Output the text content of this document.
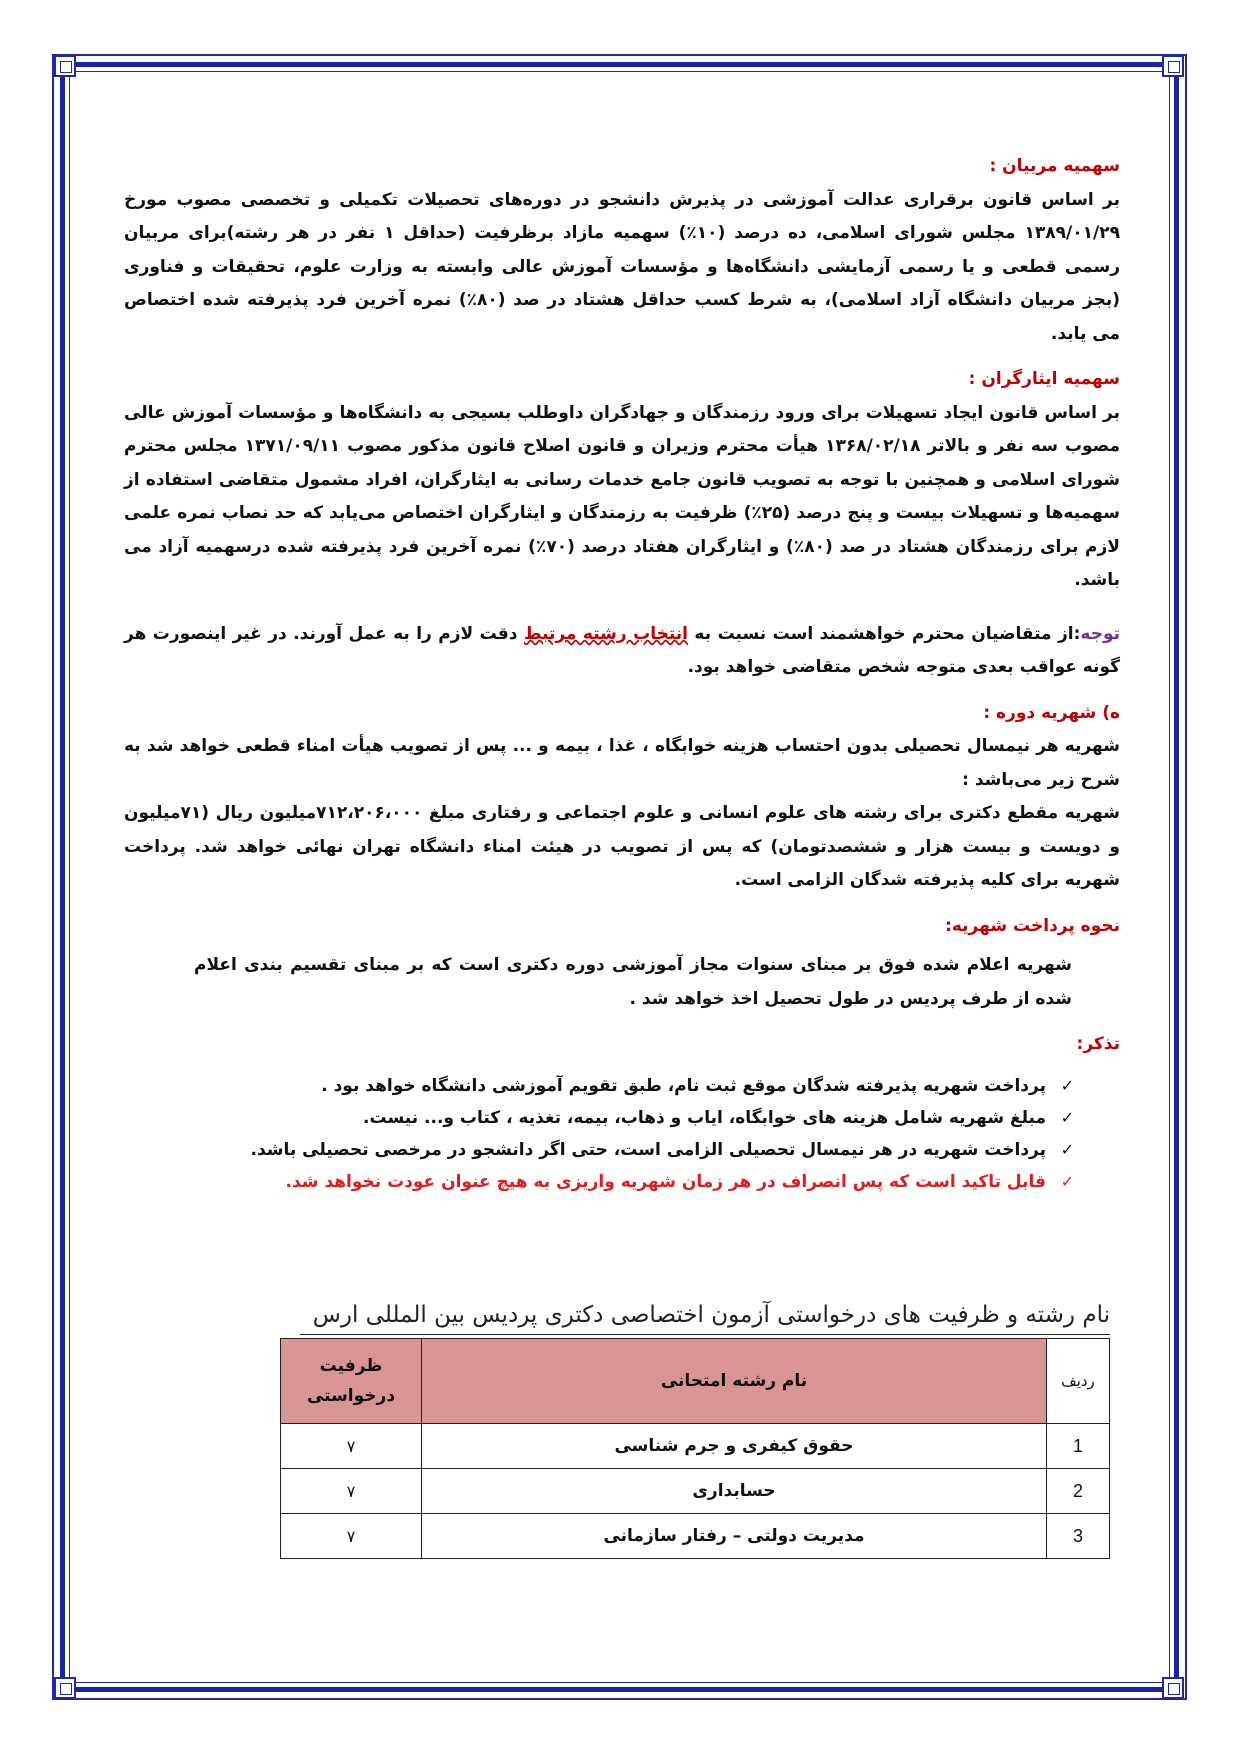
سهمیه مربیان :

بر اساس قانون برقراری عدالت آموزشی در پذیرش دانشجو در دوره‌های تحصیلات تکمیلی و تخصصی مصوب مورخ ۱۳۸۹/۰۱/۲۹ مجلس شورای اسلامی، ده درصد (۱۰٪) سهمیه مازاد برظرفیت (حداقل ۱ نفر در هر رشته)برای مربیان رسمی قطعی و یا رسمی آزمایشی دانشگاه‌ها و مؤسسات آموزش عالی وابسته به وزارت علوم، تحقیقات و فناوری (بجز مربیان دانشگاه آزاد اسلامی)، به شرط کسب حداقل هشتاد در صد (۸۰٪) نمره آخرین فرد پذیرفته شده اختصاص می یابد.

سهمیه ایثارگران :

بر اساس قانون ایجاد تسهیلات برای ورود رزمندگان و جهادگران داوطلب بسیجی به دانشگاه‌ها و مؤسسات آموزش عالی مصوب سه نفر و بالاتر ۱۳۶۸/۰۲/۱۸ هیأت محترم وزیران و قانون اصلاح قانون مذکور مصوب ۱۳۷۱/۰۹/۱۱ مجلس محترم شورای اسلامی و همچنین با توجه به تصویب قانون جامع خدمات رسانی به ایثارگران، افراد مشمول متقاضی استفاده از سهمیه‌ها و تسهیلات بیست و پنج درصد (۲۵٪) ظرفیت به رزمندگان و ایثارگران اختصاص می‌یابد که حد نصاب نمره علمی لازم برای رزمندگان هشتاد در صد (۸۰٪) و ایثارگران هفتاد درصد (۷۰٪) نمره آخرین فرد پذیرفته شده درسهمیه آزاد می باشد.

توجه:از متقاضیان محترم خواهشمند است نسبت به انتخاب رشته مرتبط دقت لازم را به عمل آورند. در غیر اینصورت هر گونه عواقب بعدی متوجه شخص متقاضی خواهد بود.

ه) شهریه دوره :

شهریه هر نیمسال تحصیلی بدون احتساب هزینه خوابگاه ، غذا ، بیمه و ... پس از تصویب هیأت امناء قطعی خواهد شد به شرح زیر می‌باشد :

شهریه مقطع دکتری برای رشته های علوم انسانی و علوم اجتماعی و رفتاری مبلغ ۷۱۲،۲۰۶،۰۰۰میلیون ریال (۷۱میلیون و دویست و بیست هزار و ششصدتومان) که پس از تصویب در هیئت امناء دانشگاه تهران نهائی خواهد شد. پرداخت شهریه برای کلیه پذیرفته شدگان الزامی است.

نحوه پرداخت شهریه:

شهریه اعلام شده فوق بر مبنای سنوات مجاز آموزشی دوره دکتری است که بر مبنای تقسیم بندی اعلام شده از طرف پردیس در طول تحصیل اخذ خواهد شد .

تذکر:

✓
پرداخت شهریه پذیرفته شدگان موقع ثبت نام، طبق تقویم آموزشی دانشگاه خواهد بود .
✓
مبلغ شهریه شامل هزینه های خوابگاه، ایاب و ذهاب، بیمه، تغذیه ، کتاب و... نیست.
✓
پرداخت شهریه در هر نیمسال تحصیلی الزامی است، حتی اگر دانشجو در مرخصی تحصیلی باشد.
✓
قابل تاکید است که پس انصراف در هر زمان شهریه واریزی به هیچ عنوان عودت نخواهد شد.
نام رشته و ظرفیت های درخواستی آزمون اختصاصی دکتری پردیس بین المللی ارس
ردیف	نام رشته امتحانی	ظرفیت
درخواستی
1	حقوق کیفری و جرم شناسی	۷
2	حسابداری	۷
3	مدیریت دولتی – رفتار سازمانی	۷
